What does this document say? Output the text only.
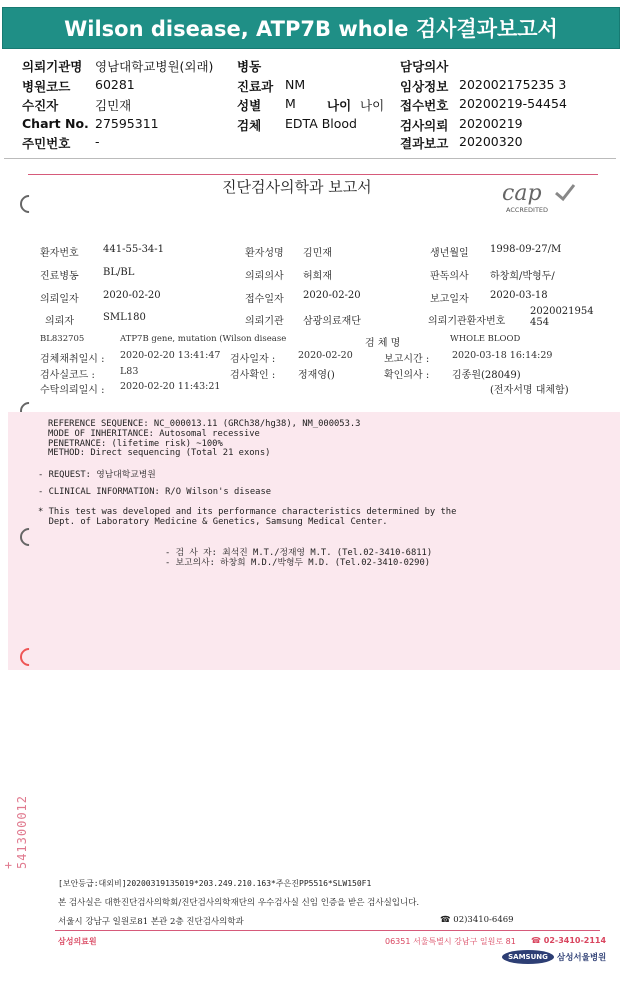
Wilson disease, ATP7B whole 검사결과보고서
의뢰기관명 영남대학교병원(외래) 병동	담당의사
병원코드 60281	진료과 NM	임상정보 202002175235 3
수진자	김민재	성별 M 나이 나이 접수번호 20200219-54454
Chart No. 27595311	검체 EDTA Blood	검사의뢰 20200219
주민번호 -	결과보고 20200320
진단검사의학과 보고서	cap
ACCREDITED
환자번호 441-55-34-1	환자성명 김민재	생년월일 1998-09-27/M
진료병동 BL/BL	의뢰의사 허희재	판독의사 하창희/박형두/
의뢰일자 2020-02-20	접수일자 2020-02-20	보고일자 2020-03-18
의뢰자	SML180	의뢰기관 삼광의료재단	의뢰기관환자번호
2020021954454
BL832705	ATP7B gene, mutation (Wilson disease	검 체 명	WHOLE BLOOD
검체채취일시 : 2020-02-20 13:41:47 검사일자 : 2020-02-20	보고시간 : 2020-03-18 16:14:29
검사실코드 :	L83	검사확인 : 정재영()	확인의사 : 김종원(28049)
수탁의뢰일시 : 2020-02-20 11:43:21	(전자서명 대체함)
REFERENCE SEQUENCE: NC_000013.11 (GRCh38/hg38), NM_000053.3
MODE OF INHERITANCE: Autosomal recessive
PENETRANCE: (lifetime risk) ~100%
METHOD: Direct sequencing (Total 21 exons)
- REQUEST: 영남대학교병원
- CLINICAL INFORMATION: R/O Wilson's disease
* This test was developed and its performance characteristics determined by the
Dept. of Laboratory Medicine & Genetics, Samsung Medical Center.
- 검 사 자: 최석진 M.T./정재영 M.T. (Tel.02-3410-6811)
- 보고의사: 하창희 M.D./박형두 M.D. (Tel.02-3410-0290)
+ 541300012
[보안등급:대외비]20200319135019*203.249.210.163*주은진PP5516*SLW150F1
본 검사실은 대한진단검사의학회/진단검사의학재단의 우수검사실 신임 인증을 받은 검사실입니다.
서울시 강남구 일원로81 본관 2층 진단검사의학과	☎ 02)3410-6469
삼성의료원	06351 서울특별시 강남구 일원로 81 ☎ 02-3410-2114
SAMSUNG 삼성서울병원
